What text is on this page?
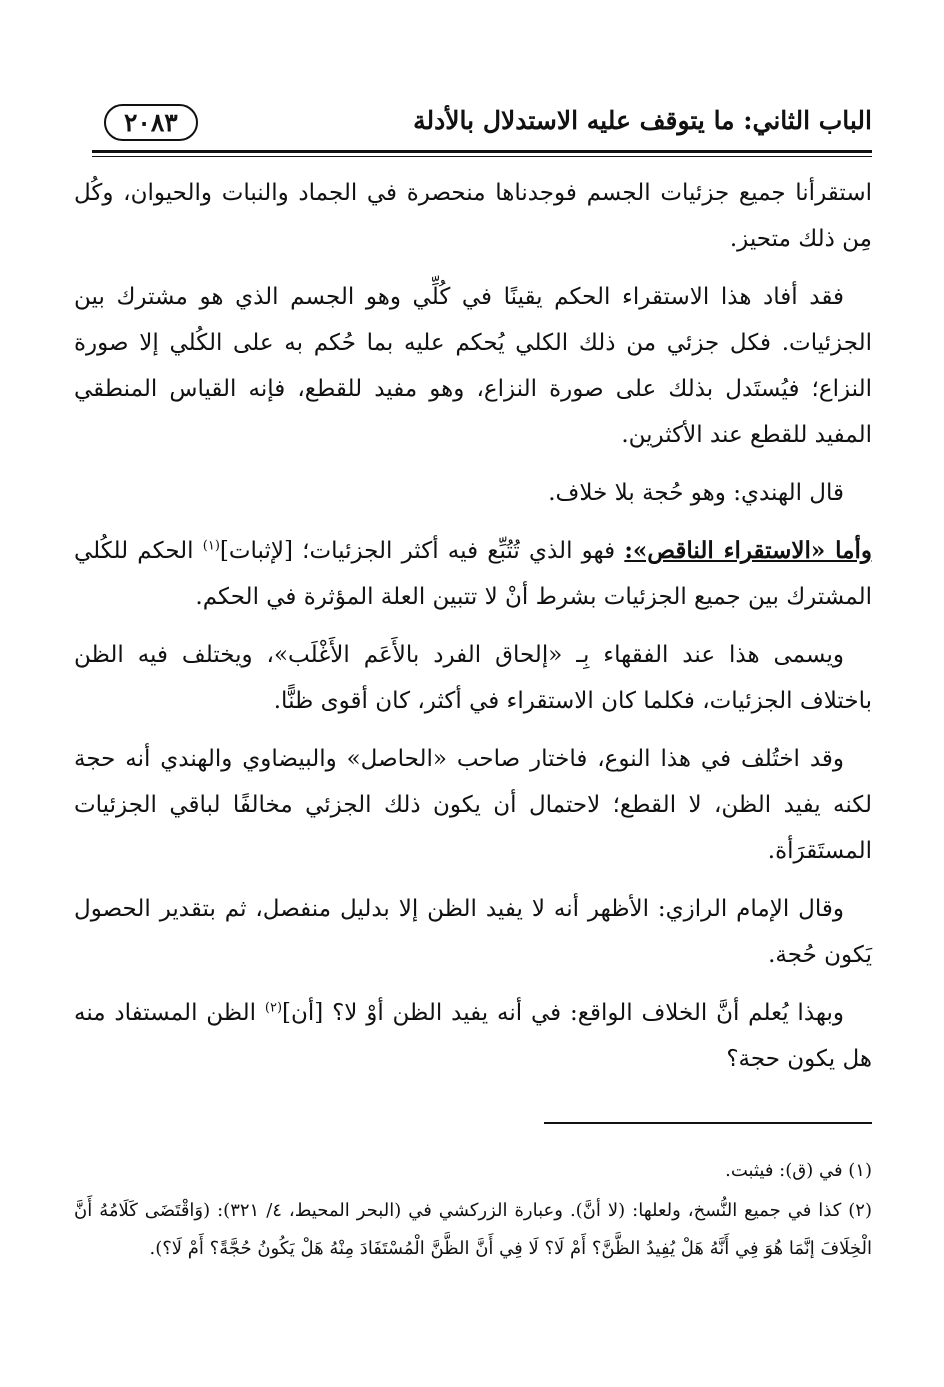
الباب الثاني: ما يتوقف عليه الاستدلال بالأدلة
٢٠٨٣

استقرأنا جميع جزئيات الجسم فوجدناها منحصرة في الجماد والنبات والحيوان، وكُل مِن ذلك متحيز.

فقد أفاد هذا الاستقراء الحكم يقينًا في كُلِّي وهو الجسم الذي هو مشترك بين الجزئيات. فكل جزئي من ذلك الكلي يُحكم عليه بما حُكم به على الكُلي إلا صورة النزاع؛ فيُستَدل بذلك على صورة النزاع، وهو مفيد للقطع، فإنه القياس المنطقي المفيد للقطع عند الأكثرين.

قال الهندي: وهو حُجة بلا خلاف.

وأما «الاستقراء الناقص»: فهو الذي تُتُبِّع فيه أكثر الجزئيات؛ [لإثبات]$^{(١)}$ الحكم للكُلي المشترك بين جميع الجزئيات بشرط أنْ لا تتبين العلة المؤثرة في الحكم.

ويسمى هذا عند الفقهاء بِـ «إلحاق الفرد بالأَعَم الأَغْلَب»، ويختلف فيه الظن باختلاف الجزئيات، فكلما كان الاستقراء في أكثر، كان أقوى ظنًّا.

وقد اختُلف في هذا النوع، فاختار صاحب «الحاصل» والبيضاوي والهندي أنه حجة لكنه يفيد الظن، لا القطع؛ لاحتمال أن يكون ذلك الجزئي مخالفًا لباقي الجزئيات المستَقرَأة.

وقال الإمام الرازي: الأظهر أنه لا يفيد الظن إلا بدليل منفصل، ثم بتقدير الحصول يَكون حُجة.

وبهذا يُعلم أنَّ الخلاف الواقع: في أنه يفيد الظن أوْ لا؟ [أن]$^{(٢)}$ الظن المستفاد منه هل يكون حجة؟

(١) في (ق): فيثبت.

(٢) كذا في جميع النُّسخ، ولعلها: (لا أنَّ). وعبارة الزركشي في (البحر المحيط، ٤/ ٣٢١): (وَاقْتَضَى كَلَامُهُ أَنَّ الْخِلَافَ إنَّمَا هُوَ فِي أَنَّهُ هَلْ يُفِيدُ الظَّنَّ؟ أَمْ لَا؟ لَا فِي أَنَّ الظَّنَّ الْمُسْتَفَادَ مِنْهُ هَلْ يَكُونُ حُجَّةً؟ أَمْ لَا؟).
